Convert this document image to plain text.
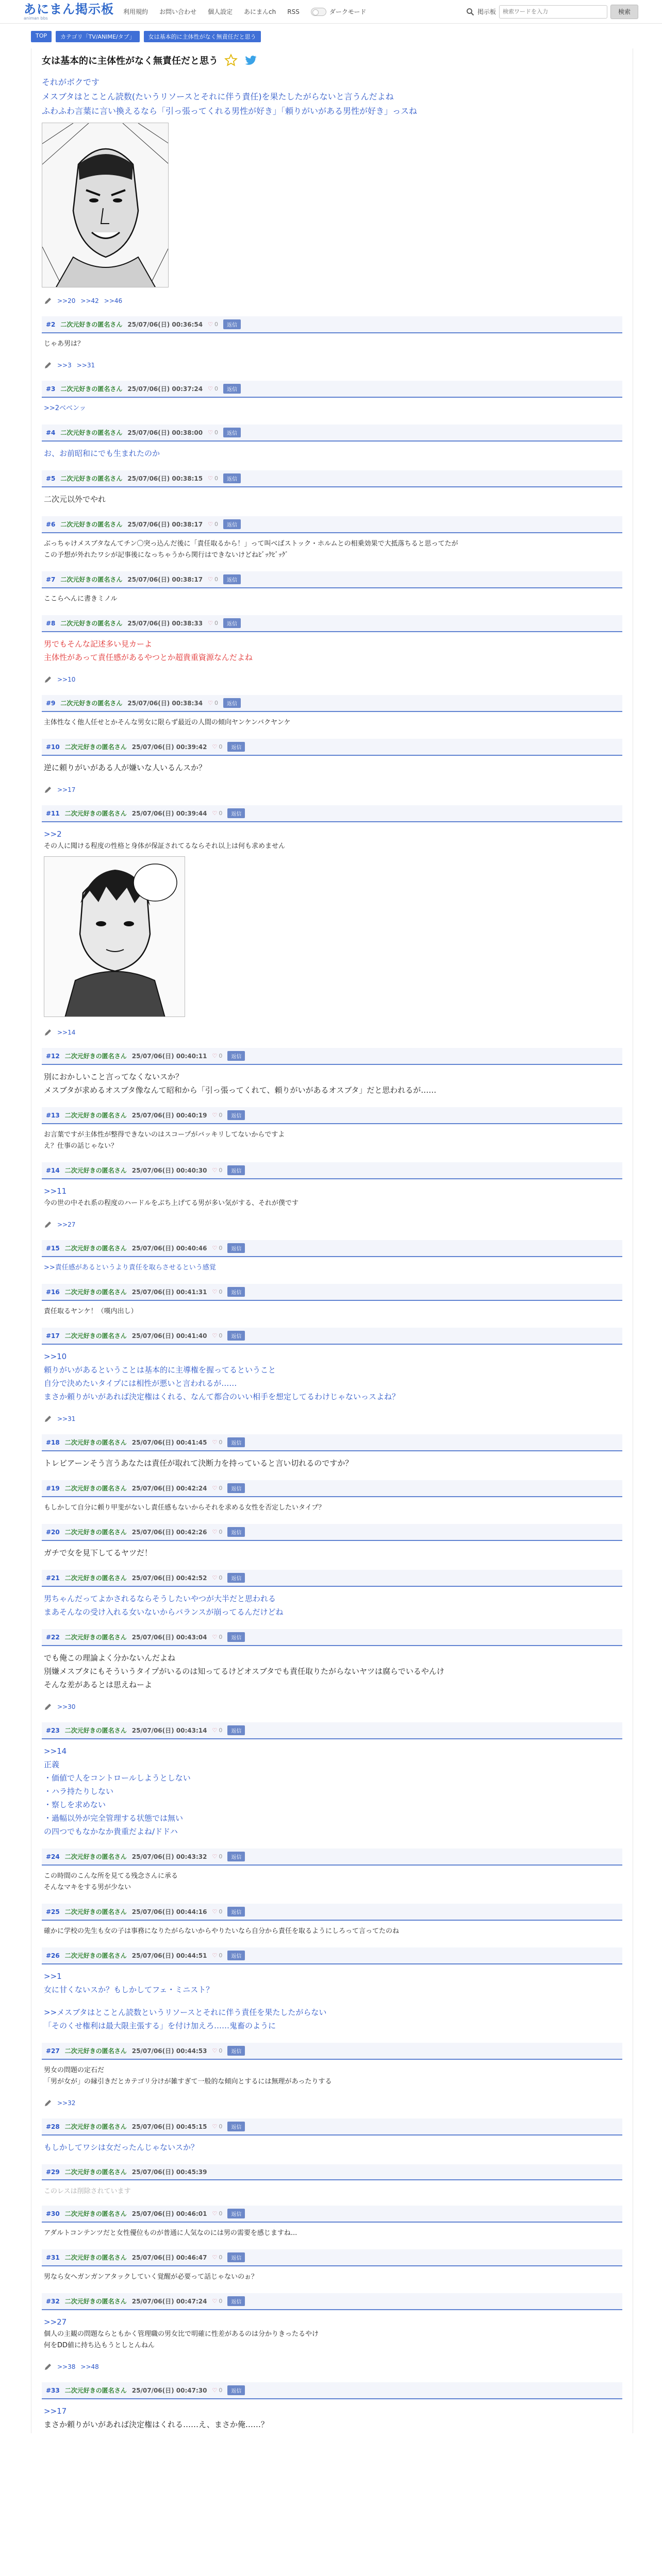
あにまん掲示板
animan bbs
利用規約 お問い合わせ 個人設定 あにまんch RSS	ダークモード	掲示板
検索ワードを入力	検索
TOP	カテゴリ「TV/ANIME/タブ」	女は基本的に主体性がなく無責任だと思う
女は基本的に主体性がなく無責任だと思う
それがボクです
メスブタはとことん読数(たいうリソースとそれに伴う責任)を果たしたがらないと言うんだよね
ふわふわ言葉に言い換えるなら「引っ張ってくれる男性が好き」「頼りがいがある男性が好き」っスね
>>20 >>42 >>46
#2 二次元好きの匿名さん 25/07/06(日) 00:36:54 ♡ 0	返信
じゃあ男は？
>>3 >>31
#3 二次元好きの匿名さん 25/07/06(日) 00:37:24 ♡ 0	返信
>>2ベベンッ
#4 二次元好きの匿名さん 25/07/06(日) 00:38:00 ♡ 0	返信
お、お前昭和にでも生まれたのか
#5 二次元好きの匿名さん 25/07/06(日) 00:38:15 ♡ 0	返信
二次元以外でやれ
#6 二次元好きの匿名さん 25/07/06(日) 00:38:17 ♡ 0	返信
ぶっちゃけメスブタなんてチン〇突っ込んだ後に「責任取るから！」って叫べばストック・ホルムとの相乗効果で大抵落ちると思ってたが
この予想が外れたワシが記事後になっちゃうから関行はできないけどねﾋﾞｯｸﾋﾞｯｸﾞ
#7 二次元好きの匿名さん 25/07/06(日) 00:38:17 ♡ 0	返信
ここらへんに書きミノル
#8 二次元好きの匿名さん 25/07/06(日) 00:38:33 ♡ 0	返信
男でもそんな記述多い見カーよ
主体性があって責任感があるやつとか超貴重資源なんだよね
>>10
#9 二次元好きの匿名さん 25/07/06(日) 00:38:34 ♡ 0	返信
主体性なく他人任せとかそんな男女に限らず最近の人間の傾向ヤンケンバクヤンケ
#10 二次元好きの匿名さん 25/07/06(日) 00:39:42 ♡ 0	返信
逆に頼りがいがある人が嫌いな人いるんスか？
>>17
#11 二次元好きの匿名さん 25/07/06(日) 00:39:44 ♡ 0	返信
>>2
その人に聞ける程度の性格と身体が保証されてるならそれ以上は何も求めません
>>14
#12 二次元好きの匿名さん 25/07/06(日) 00:40:11 ♡ 0	返信
別におかしいこと言ってなくないスか？
メスブタが求めるオスブタ像なんて昭和から「引っ張ってくれて、頼りがいがあるオスブタ」だと思われるが……
#13 二次元好きの匿名さん 25/07/06(日) 00:40:19 ♡ 0	返信
お言葉ですが主体性が整得できないのはスコープがバッキリしてないからですよ
え？仕事の話じゃない？
#14 二次元好きの匿名さん 25/07/06(日) 00:40:30 ♡ 0	返信
>>11
今の世の中それ系の程度のハードルをぶち上げてる男が多い気がする、それが僕です
>>27
#15 二次元好きの匿名さん 25/07/06(日) 00:40:46 ♡ 0	返信
>>責任感があるというより責任を取らさせるという感覚
#16 二次元好きの匿名さん 25/07/06(日) 00:41:31 ♡ 0	返信
責任取るヤンケ！（嘆内出し）
#17 二次元好きの匿名さん 25/07/06(日) 00:41:40 ♡ 0	返信
>>10
頼りがいがあるということは基本的に主導権を握ってるということ
自分で決めたいタイプには相性が悪いと言われるが……
まさか頼りがいがあれば決定権はくれる、なんて都合のいい相手を想定してるわけじゃないっスよね？
>>31
#18 二次元好きの匿名さん 25/07/06(日) 00:41:45 ♡ 0	返信
トレビアーンそう言うあなたは責任が取れて決断力を持っていると言い切れるのですか？
#19 二次元好きの匿名さん 25/07/06(日) 00:42:24 ♡ 0	返信
もしかして自分に頼り甲斐がないし責任感もないからそれを求める女性を否定したいタイプ？
#20 二次元好きの匿名さん 25/07/06(日) 00:42:26 ♡ 0	返信
ガチで女を見下してるヤツだ！
#21 二次元好きの匿名さん 25/07/06(日) 00:42:52 ♡ 0	返信
男ちゃんだってよかされるならそうしたいやつが大半だと思われる
まあそんなの受け入れる女いないからバランスが崩ってるんだけどね
#22 二次元好きの匿名さん 25/07/06(日) 00:43:04 ♡ 0	返信
でも俺この理論よく分かないんだよね
別嫌メスブタにもそういうタイプがいるのは知ってるけどオスブタでも責任取りたがらないヤツは腐らでいるやんけ
そんな差があるとは思えねーよ
>>30
#23 二次元好きの匿名さん 25/07/06(日) 00:43:14 ♡ 0	返信
>>14
正義
・価値で人をコントロールしようとしない
・ハラ持たりしない
・察しを求めない
・過幅以外が完全管理する状態では無い
の四つでもなかなか貴重だよね/ドドハ
#24 二次元好きの匿名さん 25/07/06(日) 00:43:32 ♡ 0	返信
この時間のこんな所を見てる残念さんに承る
そんなマキをする男が少ない
#25 二次元好きの匿名さん 25/07/06(日) 00:44:16 ♡ 0	返信
確かに学校の先生も女の子は事務になりたがらないからやりたいなら自分から責任を取るようにしろって言ってたのね
#26 二次元好きの匿名さん 25/07/06(日) 00:44:51 ♡ 0	返信
>>1
女に甘くないスか？もしかしてフェ・ミニスト？
>>メスブタはとことん読数というリソースとそれに伴う責任を果たしたがらない
「そのくせ権利は最大限主張する」を付け加えろ……鬼畜のように
#27 二次元好きの匿名さん 25/07/06(日) 00:44:53 ♡ 0	返信
男女の問題の定石だ
「男が女が」の縁引きだとカテゴリ分けが雑すぎて一般的な傾向とするには無理があったりする
>>32
#28 二次元好きの匿名さん 25/07/06(日) 00:45:15 ♡ 0	返信
もしかしてワシは女だったんじゃないスか？
#29 二次元好きの匿名さん 25/07/06(日) 00:45:39
このレスは削除されています
#30 二次元好きの匿名さん 25/07/06(日) 00:46:01 ♡ 0	返信
アダルトコンテンツだと女性優位ものが普通に人気なのには男の需要を感じますね...
#31 二次元好きの匿名さん 25/07/06(日) 00:46:47 ♡ 0	返信
男なら女へガンガンアタックしていく覚醒が必要って話じゃないのぉ？
#32 二次元好きの匿名さん 25/07/06(日) 00:47:24 ♡ 0	返信
>>27
個人の主観の問題ならともかく管理職の男女比で明確に性差があるのは分かりきったるやけ
何をDD値に持ち込もうとしとんねん
>>38 >>48
#33 二次元好きの匿名さん 25/07/06(日) 00:47:30 ♡ 0	返信
>>17
まさか頼りがいがあれば決定権はくれる……え、まさか俺……？
